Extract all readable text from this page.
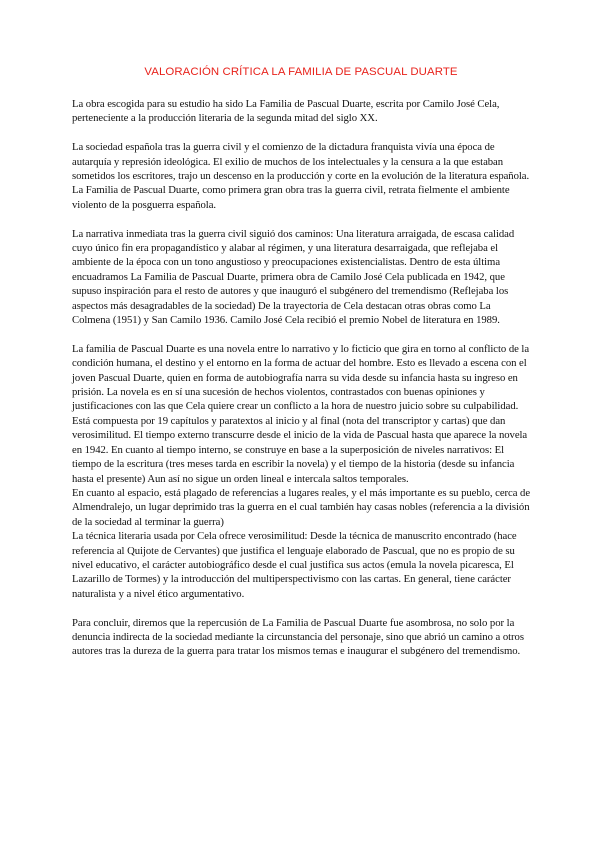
VALORACIÓN CRÍTICA LA FAMILIA DE PASCUAL DUARTE

La obra escogida para su estudio ha sido La Familia de Pascual Duarte, escrita por Camilo José Cela, perteneciente a la producción literaria de la segunda mitad del siglo XX.

La sociedad española tras la guerra civil y el comienzo de la dictadura franquista vivía una época de autarquía y represión ideológica. El exilio de muchos de los intelectuales y la censura a la que estaban sometidos los escritores, trajo un descenso en la producción y corte en la evolución de la literatura española. La Familia de Pascual Duarte, como primera gran obra tras la guerra civil, retrata fielmente el ambiente violento de la posguerra española.

La narrativa inmediata tras la guerra civil siguió dos caminos: Una literatura arraigada, de escasa calidad cuyo único fin era propagandístico y alabar al régimen, y una literatura desarraigada, que reflejaba el ambiente de la época con un tono angustioso y preocupaciones existencialistas. Dentro de esta última encuadramos La Familia de Pascual Duarte, primera obra de Camilo José Cela publicada en 1942, que supuso inspiración para el resto de autores y que inauguró el subgénero del tremendismo (Reflejaba los aspectos más desagradables de la sociedad) De la trayectoria de Cela destacan otras obras como La Colmena (1951) y San Camilo 1936. Camilo José Cela recibió el premio Nobel de literatura en 1989.

La familia de Pascual Duarte es una novela entre lo narrativo y lo ficticio que gira en torno al conflicto de la condición humana, el destino y el entorno en la forma de actuar del hombre. Esto es llevado a escena con el joven Pascual Duarte, quien en forma de autobiografía narra su vida desde su infancia hasta su ingreso en prisión. La novela es en sí una sucesión de hechos violentos, contrastados con buenas opiniones y justificaciones con las que Cela quiere crear un conflicto a la hora de nuestro juicio sobre su culpabilidad.

Está compuesta por 19 capítulos y paratextos al inicio y al final (nota del transcriptor y cartas) que dan verosimilitud. El tiempo externo transcurre desde el inicio de la vida de Pascual hasta que aparece la novela en 1942. En cuanto al tiempo interno, se construye en base a la superposición de niveles narrativos: El tiempo de la escritura (tres meses tarda en escribir la novela) y el tiempo de la historia (desde su infancia hasta el presente) Aun así no sigue un orden lineal e intercala saltos temporales.

En cuanto al espacio, está plagado de referencias a lugares reales, y el más importante es su pueblo, cerca de Almendralejo, un lugar deprimido tras la guerra en el cual también hay casas nobles (referencia a la división de la sociedad al terminar la guerra)

La técnica literaria usada por Cela ofrece verosimilitud: Desde la técnica de manuscrito encontrado (hace referencia al Quijote de Cervantes) que justifica el lenguaje elaborado de Pascual, que no es propio de su nivel educativo, el carácter autobiográfico desde el cual justifica sus actos (emula la novela picaresca, El Lazarillo de Tormes) y la introducción del multiperspectivismo con las cartas. En general, tiene carácter naturalista y a nivel ético argumentativo.

Para concluir, diremos que la repercusión de La Familia de Pascual Duarte fue asombrosa, no solo por la denuncia indirecta de la sociedad mediante la circunstancia del personaje, sino que abrió un camino a otros autores tras la dureza de la guerra para tratar los mismos temas e inaugurar el subgénero del tremendismo.
